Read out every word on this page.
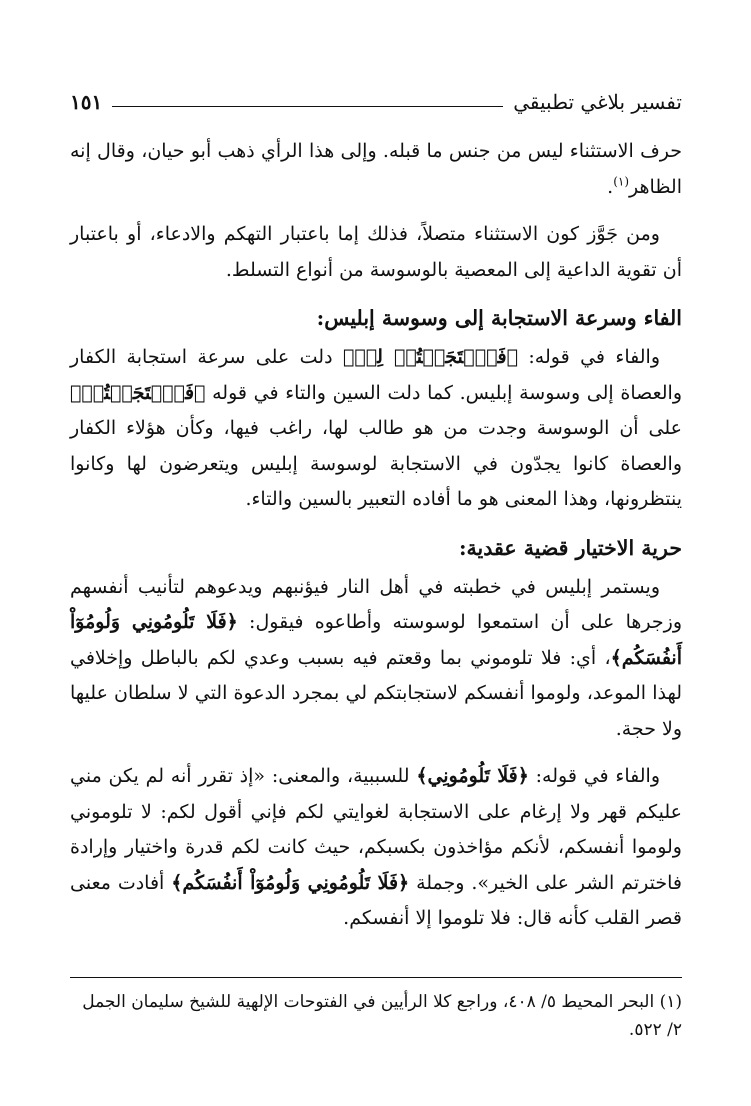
تفسير بلاغي تطبيقي
١٥١

حرف الاستثناء ليس من جنس ما قبله. وإلى هذا الرأي ذهب أبو حيان، وقال إنه الظاهر$^{(١)}$.

ومن جَوَّز كون الاستثناء متصلاً، فذلك إما باعتبار التهكم والادعاء، أو باعتبار أن تقوية الداعية إلى المعصية بالوسوسة من أنواع التسلط.

الفاء وسرعة الاستجابة إلى وسوسة إبليس:

والفاء في قوله: ﴿فَٱسۡتَجَبۡتُمۡ لِيۖ﴾ دلت على سرعة استجابة الكفار والعصاة إلى وسوسة إبليس. كما دلت السين والتاء في قوله ﴿فَٱسۡتَجَبۡتُمۡ﴾ على أن الوسوسة وجدت من هو طالب لها، راغب فيها، وكأن هؤلاء الكفار والعصاة كانوا يجدّون في الاستجابة لوسوسة إبليس ويتعرضون لها وكانوا ينتظرونها، وهذا المعنى هو ما أفاده التعبير بالسين والتاء.

حرية الاختيار قضية عقدية:

ويستمر إبليس في خطبته في أهل النار فيؤنبهم ويدعوهم لتأنيب أنفسهم وزجرها على أن استمعوا لوسوسته وأطاعوه فيقول: ﴿فَلَا تَلُومُونِي وَلُومُوٓاْ أَنفُسَكُم﴾، أي: فلا تلوموني بما وقعتم فيه بسبب وعدي لكم بالباطل وإخلافي لهذا الموعد، ولوموا أنفسكم لاستجابتكم لي بمجرد الدعوة التي لا سلطان عليها ولا حجة.

والفاء في قوله: ﴿فَلَا تَلُومُونِي﴾ للسببية، والمعنى: «إذ تقرر أنه لم يكن مني عليكم قهر ولا إرغام على الاستجابة لغوايتي لكم فإني أقول لكم: لا تلوموني ولوموا أنفسكم، لأنكم مؤاخذون بكسبكم، حيث كانت لكم قدرة واختيار وإرادة فاخترتم الشر على الخير». وجملة ﴿فَلَا تَلُومُونِي وَلُومُوٓاْ أَنفُسَكُم﴾ أفادت معنى قصر القلب كأنه قال: فلا تلوموا إلا أنفسكم.

(١) البحر المحيط ٥/ ٤٠٨، وراجع كلا الرأيين في الفتوحات الإلهية للشيخ سليمان الجمل ٢/ ٥٢٢.
